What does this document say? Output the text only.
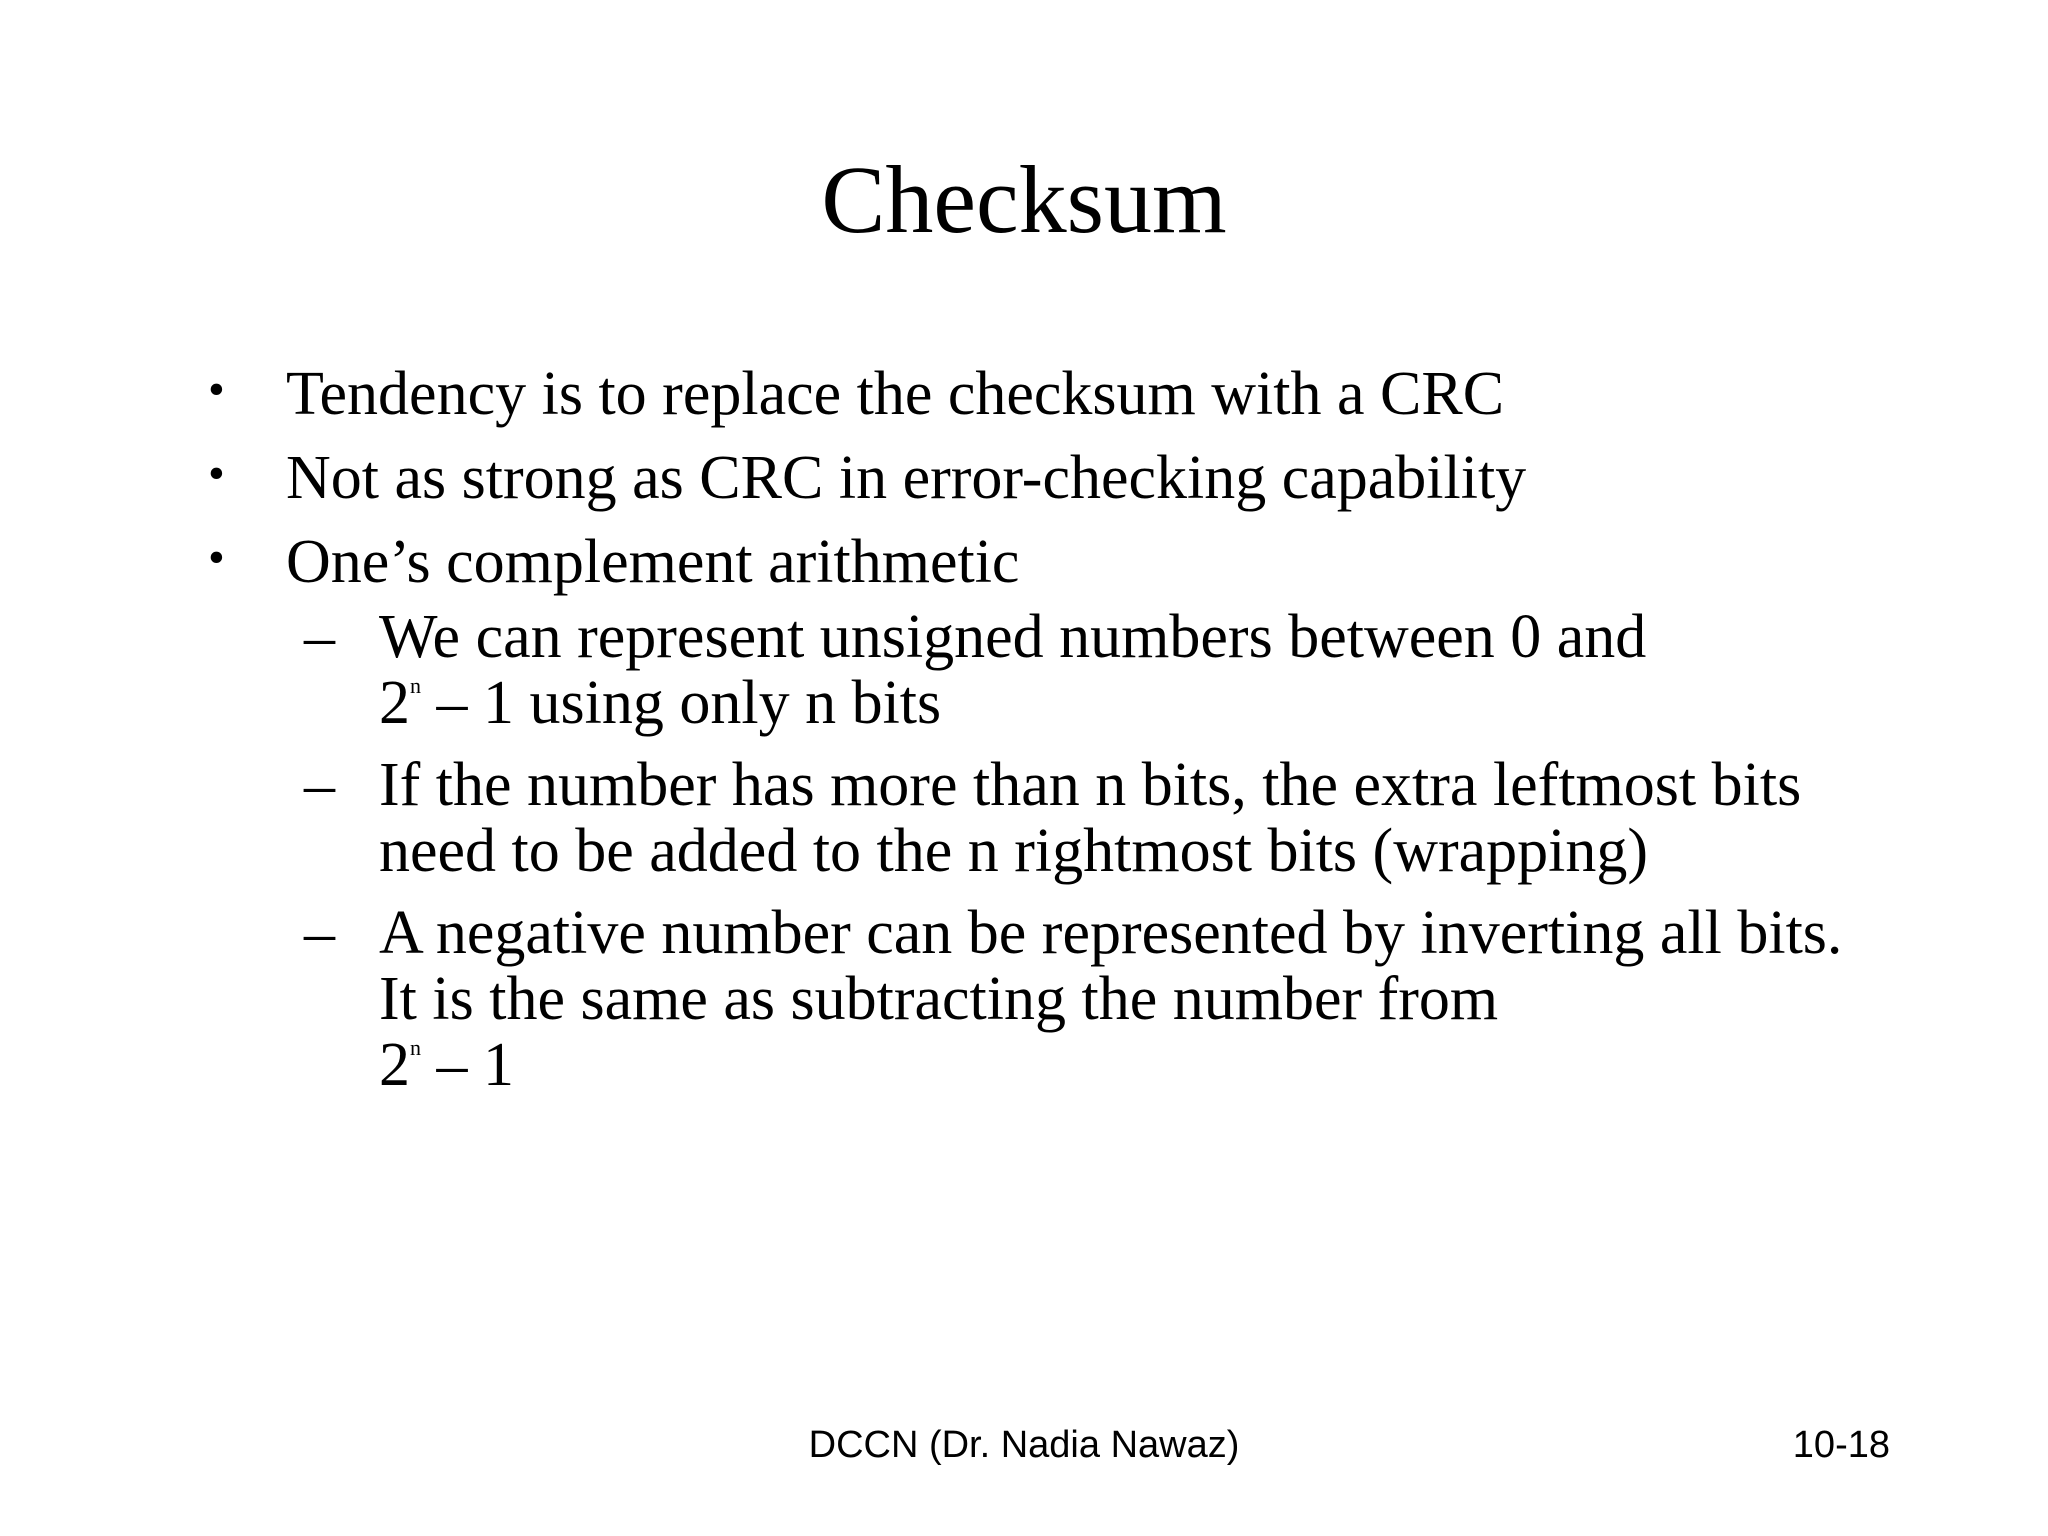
Checksum
• Tendency is to replace the checksum with a CRC
• Not as strong as CRC in error-checking capability
• One’s complement arithmetic
– We can represent unsigned numbers between 0 and
2$^n$ – 1 using only n bits
– If the number has more than n bits, the extra leftmost bits need to be added to the n rightmost bits (wrapping)
– A negative number can be represented by inverting all bits. It is the same as subtracting the number from
2$^n$ – 1
DCCN (Dr. Nadia Nawaz)	10-18
